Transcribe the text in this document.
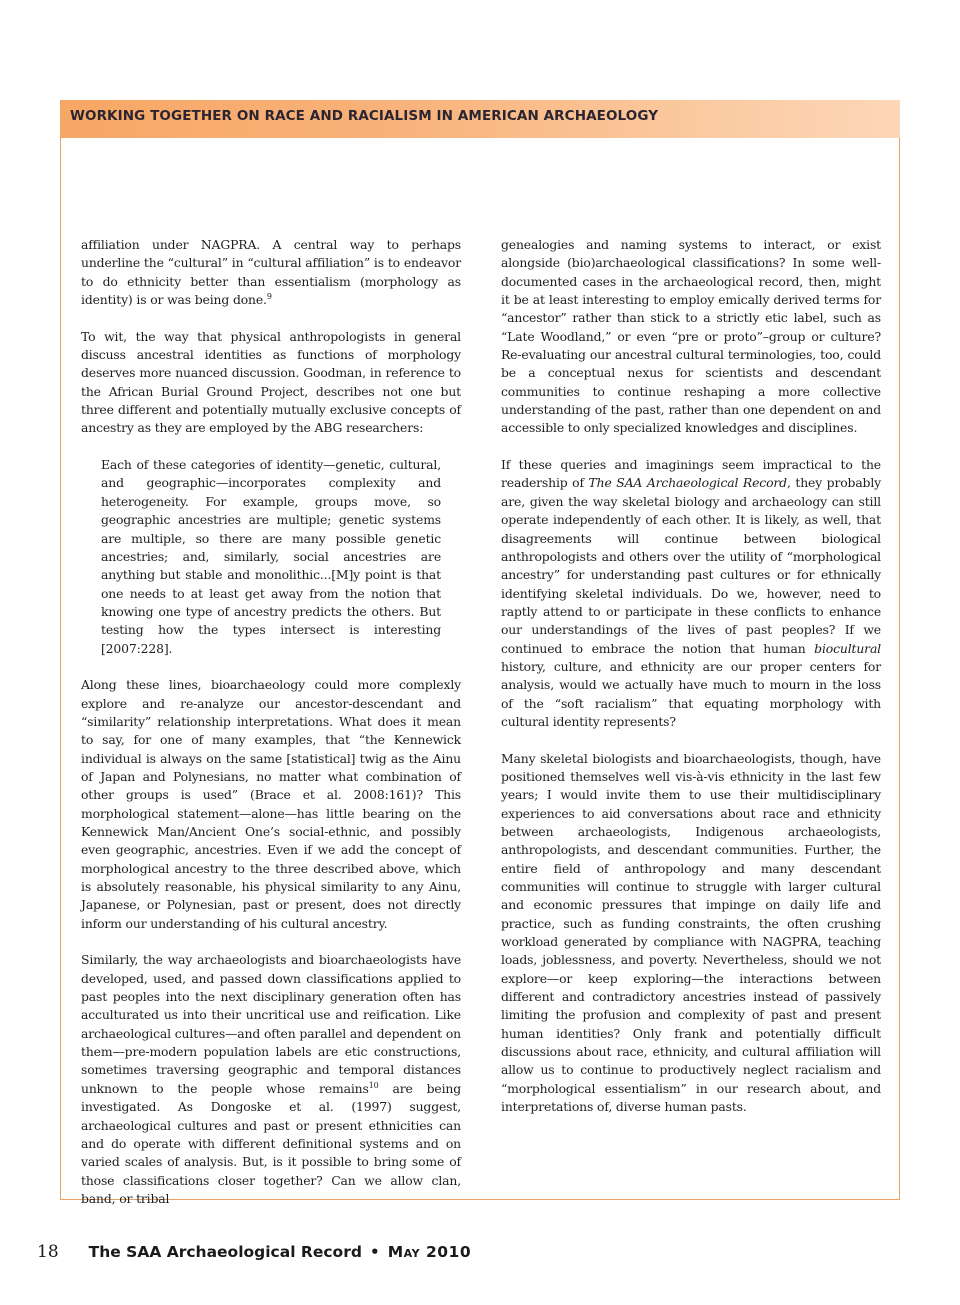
WORKING TOGETHER ON RACE AND RACIALISM IN AMERICAN ARCHAEOLOGY

affiliation under NAGPRA. A central way to perhaps underline the “cultural” in “cultural affiliation” is to endeavor to do ethnicity better than essentialism (morphology as identity) is or was being done.$^9$

To wit, the way that physical anthropologists in general discuss ancestral identities as functions of morphology deserves more nuanced discussion. Goodman, in reference to the African Burial Ground Project, describes not one but three different and potentially mutually exclusive concepts of ancestry as they are employed by the ABG researchers:

Each of these categories of identity—genetic, cultural, and geographic—incorporates complexity and heterogeneity. For example, groups move, so geographic ancestries are multiple; genetic systems are multiple, so there are many possible genetic ancestries; and, similarly, social ancestries are anything but stable and monolithic...[M]y point is that one needs to at least get away from the notion that knowing one type of ancestry predicts the others. But testing how the types intersect is interesting [2007:228].

Along these lines, bioarchaeology could more complexly explore and re-analyze our ancestor-descendant and “similarity” relationship interpretations. What does it mean to say, for one of many examples, that “the Kennewick individual is always on the same [statistical] twig as the Ainu of Japan and Polynesians, no matter what combination of other groups is used” (Brace et al. 2008:161)? This morphological statement—alone—has little bearing on the Kennewick Man/Ancient One’s social-ethnic, and possibly even geographic, ancestries. Even if we add the concept of morphological ancestry to the three described above, which is absolutely reasonable, his physical similarity to any Ainu, Japanese, or Polynesian, past or present, does not directly inform our understanding of his cultural ancestry.

Similarly, the way archaeologists and bioarchaeologists have developed, used, and passed down classifications applied to past peoples into the next disciplinary generation often has acculturated us into their uncritical use and reification. Like archaeological cultures—and often parallel and dependent on them—pre-modern population labels are etic constructions, sometimes traversing geographic and temporal distances unknown to the people whose remains$^{10}$ are being investigated. As Dongoske et al. (1997) suggest, archaeological cultures and past or present ethnicities can and do operate with different definitional systems and on varied scales of analysis. But, is it possible to bring some of those classifications closer together? Can we allow clan, band, or tribal

genealogies and naming systems to interact, or exist alongside (bio)archaeological classifications? In some well-documented cases in the archaeological record, then, might it be at least interesting to employ emically derived terms for “ancestor” rather than stick to a strictly etic label, such as “Late Woodland,” or even “pre or proto”–group or culture? Re-evaluating our ancestral cultural terminologies, too, could be a conceptual nexus for scientists and descendant communities to continue reshaping a more collective understanding of the past, rather than one dependent on and accessible to only specialized knowledges and disciplines.

If these queries and imaginings seem impractical to the readership of The SAA Archaeological Record, they probably are, given the way skeletal biology and archaeology can still operate independently of each other. It is likely, as well, that disagreements will continue between biological anthropologists and others over the utility of “morphological ancestry” for understanding past cultures or for ethnically identifying skeletal individuals. Do we, however, need to raptly attend to or participate in these conflicts to enhance our understandings of the lives of past peoples? If we continued to embrace the notion that human biocultural history, culture, and ethnicity are our proper centers for analysis, would we actually have much to mourn in the loss of the “soft racialism” that equating morphology with cultural identity represents?

Many skeletal biologists and bioarchaeologists, though, have positioned themselves well vis-à-vis ethnicity in the last few years; I would invite them to use their multidisciplinary experiences to aid conversations about race and ethnicity between archaeologists, Indigenous archaeologists, anthropologists, and descendant communities. Further, the entire field of anthropology and many descendant communities will continue to struggle with larger cultural and economic pressures that impinge on daily life and practice, such as funding constraints, the often crushing workload generated by compliance with NAGPRA, teaching loads, joblessness, and poverty. Nevertheless, should we not explore—or keep exploring—the interactions between different and contradictory ancestries instead of passively limiting the profusion and complexity of past and present human identities? Only frank and potentially difficult discussions about race, ethnicity, and cultural affiliation will allow us to continue to productively neglect racialism and “morphological essentialism” in our research about, and interpretations of, diverse human pasts.

18 The SAA Archaeological Record • May 2010
